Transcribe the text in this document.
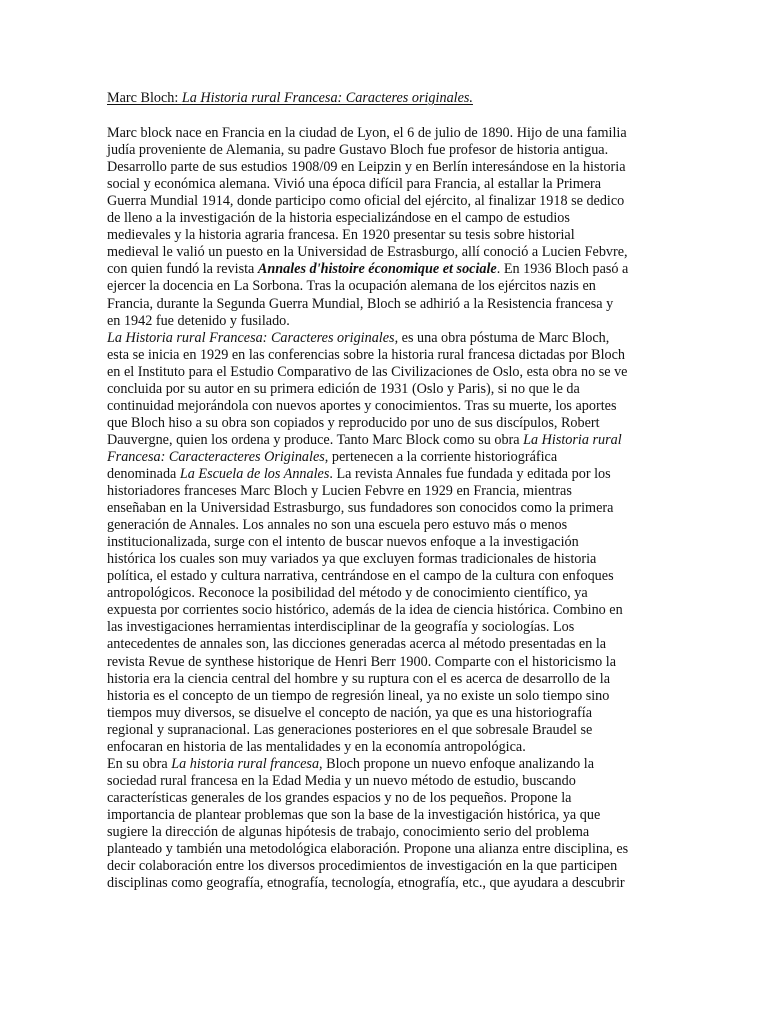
Marc Bloch: La Historia rural Francesa: Caracteres originales.

Marc block nace en Francia en la ciudad de Lyon, el 6 de julio de 1890. Hijo de una familia
judía proveniente de Alemania, su padre Gustavo Bloch fue profesor de historia antigua.
Desarrollo parte de sus estudios 1908/09 en Leipzin y en Berlín interesándose en la historia
social y económica alemana. Vivió una época difícil para Francia, al estallar la Primera
Guerra Mundial 1914, donde participo como oficial del ejército, al finalizar 1918 se dedico
de lleno a la investigación de la historia especializándose en el campo de estudios
medievales y la historia agraria francesa. En 1920 presentar su tesis sobre historial
medieval le valió un puesto en la Universidad de Estrasburgo, allí conoció a Lucien Febvre,
con quien fundó la revista Annales d'histoire économique et sociale. En 1936 Bloch pasó a
ejercer la docencia en La Sorbona. Tras la ocupación alemana de los ejércitos nazis en
Francia, durante la Segunda Guerra Mundial, Bloch se adhirió a la Resistencia francesa y
en 1942 fue detenido y fusilado.

La Historia rural Francesa: Caracteres originales, es una obra póstuma de Marc Bloch,
esta se inicia en 1929 en las conferencias sobre la historia rural francesa dictadas por Bloch
en el Instituto para el Estudio Comparativo de las Civilizaciones de Oslo, esta obra no se ve
concluida por su autor en su primera edición de 1931 (Oslo y Paris), si no que le da
continuidad mejorándola con nuevos aportes y conocimientos. Tras su muerte, los aportes
que Bloch hiso a su obra son copiados y reproducido por uno de sus discípulos, Robert
Dauvergne, quien los ordena y produce. Tanto Marc Block como su obra La Historia rural
Francesa: Caracteracteres Originales, pertenecen a la corriente historiográfica
denominada La Escuela de los Annales. La revista Annales fue fundada y editada por los
historiadores franceses Marc Bloch y Lucien Febvre en 1929 en Francia, mientras
enseñaban en la Universidad Estrasburgo, sus fundadores son conocidos como la primera
generación de Annales. Los annales no son una escuela pero estuvo más o menos
institucionalizada, surge con el intento de buscar nuevos enfoque a la investigación
histórica los cuales son muy variados ya que excluyen formas tradicionales de historia
política, el estado y cultura narrativa, centrándose en el campo de la cultura con enfoques
antropológicos. Reconoce la posibilidad del método y de conocimiento científico, ya
expuesta por corrientes socio histórico, además de la idea de ciencia histórica. Combino en
las investigaciones herramientas interdisciplinar de la geografía y sociologías. Los
antecedentes de annales son, las dicciones generadas acerca al método presentadas en la
revista Revue de synthese historique de Henri Berr 1900. Comparte con el historicismo la
historia era la ciencia central del hombre y su ruptura con el es acerca de desarrollo de la
historia es el concepto de un tiempo de regresión lineal, ya no existe un solo tiempo sino
tiempos muy diversos, se disuelve el concepto de nación, ya que es una historiografía
regional y supranacional. Las generaciones posteriores en el que sobresale Braudel se
enfocaran en historia de las mentalidades y en la economía antropológica.

En su obra La historia rural francesa, Bloch propone un nuevo enfoque analizando la
sociedad rural francesa en la Edad Media y un nuevo método de estudio, buscando
características generales de los grandes espacios y no de los pequeños. Propone la
importancia de plantear problemas que son la base de la investigación histórica, ya que
sugiere la dirección de algunas hipótesis de trabajo, conocimiento serio del problema
planteado y también una metodológica elaboración. Propone una alianza entre disciplina, es
decir colaboración entre los diversos procedimientos de investigación en la que participen
disciplinas como geografía, etnografía, tecnología, etnografía, etc., que ayudara a descubrir
